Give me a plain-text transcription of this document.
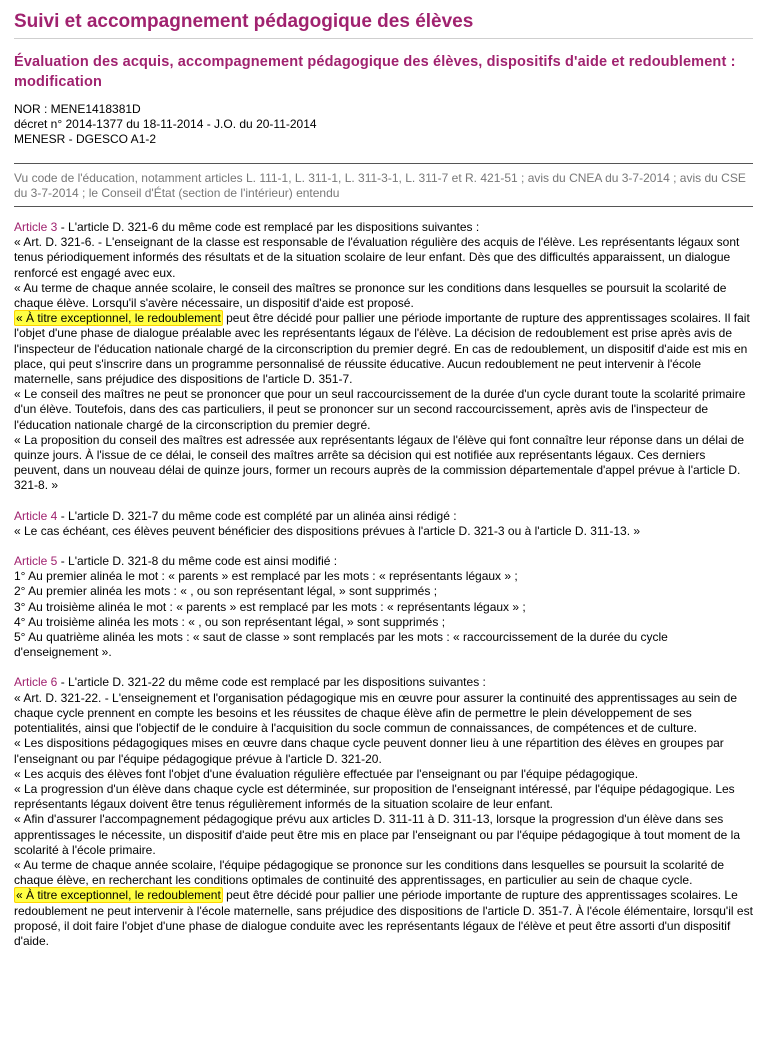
Suivi et accompagnement pédagogique des élèves
Évaluation des acquis, accompagnement pédagogique des élèves, dispositifs d'aide et redoublement : modification
NOR : MENE1418381D
décret n° 2014-1377 du 18-11-2014 - J.O. du 20-11-2014
MENESR - DGESCO A1-2
Vu code de l'éducation, notamment articles L. 111-1, L. 311-1, L. 311-3-1, L. 311-7 et R. 421-51 ; avis du CNEA du 3-7-2014 ; avis du CSE du 3-7-2014 ; le Conseil d'État (section de l'intérieur) entendu
Article 3 - L'article D. 321-6 du même code est remplacé par les dispositions suivantes :
« Art. D. 321-6. - L'enseignant de la classe est responsable de l'évaluation régulière des acquis de l'élève. Les représentants légaux sont tenus périodiquement informés des résultats et de la situation scolaire de leur enfant. Dès que des difficultés apparaissent, un dialogue renforcé est engagé avec eux.
« Au terme de chaque année scolaire, le conseil des maîtres se prononce sur les conditions dans lesquelles se poursuit la scolarité de chaque élève. Lorsqu'il s'avère nécessaire, un dispositif d'aide est proposé.
« À titre exceptionnel, le redoublement peut être décidé pour pallier une période importante de rupture des apprentissages scolaires. Il fait l'objet d'une phase de dialogue préalable avec les représentants légaux de l'élève. La décision de redoublement est prise après avis de l'inspecteur de l'éducation nationale chargé de la circonscription du premier degré. En cas de redoublement, un dispositif d'aide est mis en place, qui peut s'inscrire dans un programme personnalisé de réussite éducative. Aucun redoublement ne peut intervenir à l'école maternelle, sans préjudice des dispositions de l'article D. 351-7.
« Le conseil des maîtres ne peut se prononcer que pour un seul raccourcissement de la durée d'un cycle durant toute la scolarité primaire d'un élève. Toutefois, dans des cas particuliers, il peut se prononcer sur un second raccourcissement, après avis de l'inspecteur de l'éducation nationale chargé de la circonscription du premier degré.
« La proposition du conseil des maîtres est adressée aux représentants légaux de l'élève qui font connaître leur réponse dans un délai de quinze jours. À l'issue de ce délai, le conseil des maîtres arrête sa décision qui est notifiée aux représentants légaux. Ces derniers peuvent, dans un nouveau délai de quinze jours, former un recours auprès de la commission départementale d'appel prévue à l'article D. 321-8. »
Article 4 - L'article D. 321-7 du même code est complété par un alinéa ainsi rédigé :
« Le cas échéant, ces élèves peuvent bénéficier des dispositions prévues à l'article D. 321-3 ou à l'article D. 311-13. »
Article 5 - L'article D. 321-8 du même code est ainsi modifié :
1° Au premier alinéa le mot : « parents » est remplacé par les mots : « représentants légaux » ;
2° Au premier alinéa les mots : « , ou son représentant légal, » sont supprimés ;
3° Au troisième alinéa le mot : « parents » est remplacé par les mots : « représentants légaux » ;
4° Au troisième alinéa les mots : « , ou son représentant légal, » sont supprimés ;
5° Au quatrième alinéa les mots : « saut de classe » sont remplacés par les mots : « raccourcissement de la durée du cycle d'enseignement ».
Article 6 - L'article D. 321-22 du même code est remplacé par les dispositions suivantes :
« Art. D. 321-22. - L'enseignement et l'organisation pédagogique mis en œuvre pour assurer la continuité des apprentissages au sein de chaque cycle prennent en compte les besoins et les réussites de chaque élève afin de permettre le plein développement de ses potentialités, ainsi que l'objectif de le conduire à l'acquisition du socle commun de connaissances, de compétences et de culture.
« Les dispositions pédagogiques mises en œuvre dans chaque cycle peuvent donner lieu à une répartition des élèves en groupes par l'enseignant ou par l'équipe pédagogique prévue à l'article D. 321-20.
« Les acquis des élèves font l'objet d'une évaluation régulière effectuée par l'enseignant ou par l'équipe pédagogique.
« La progression d'un élève dans chaque cycle est déterminée, sur proposition de l'enseignant intéressé, par l'équipe pédagogique. Les représentants légaux doivent être tenus régulièrement informés de la situation scolaire de leur enfant.
« Afin d'assurer l'accompagnement pédagogique prévu aux articles D. 311-11 à D. 311-13, lorsque la progression d'un élève dans ses apprentissages le nécessite, un dispositif d'aide peut être mis en place par l'enseignant ou par l'équipe pédagogique à tout moment de la scolarité à l'école primaire.
« Au terme de chaque année scolaire, l'équipe pédagogique se prononce sur les conditions dans lesquelles se poursuit la scolarité de chaque élève, en recherchant les conditions optimales de continuité des apprentissages, en particulier au sein de chaque cycle.
« À titre exceptionnel, le redoublement peut être décidé pour pallier une période importante de rupture des apprentissages scolaires. Le redoublement ne peut intervenir à l'école maternelle, sans préjudice des dispositions de l'article D. 351-7. À l'école élémentaire, lorsqu'il est proposé, il doit faire l'objet d'une phase de dialogue conduite avec les représentants légaux de l'élève et peut être assorti d'un dispositif d'aide.
